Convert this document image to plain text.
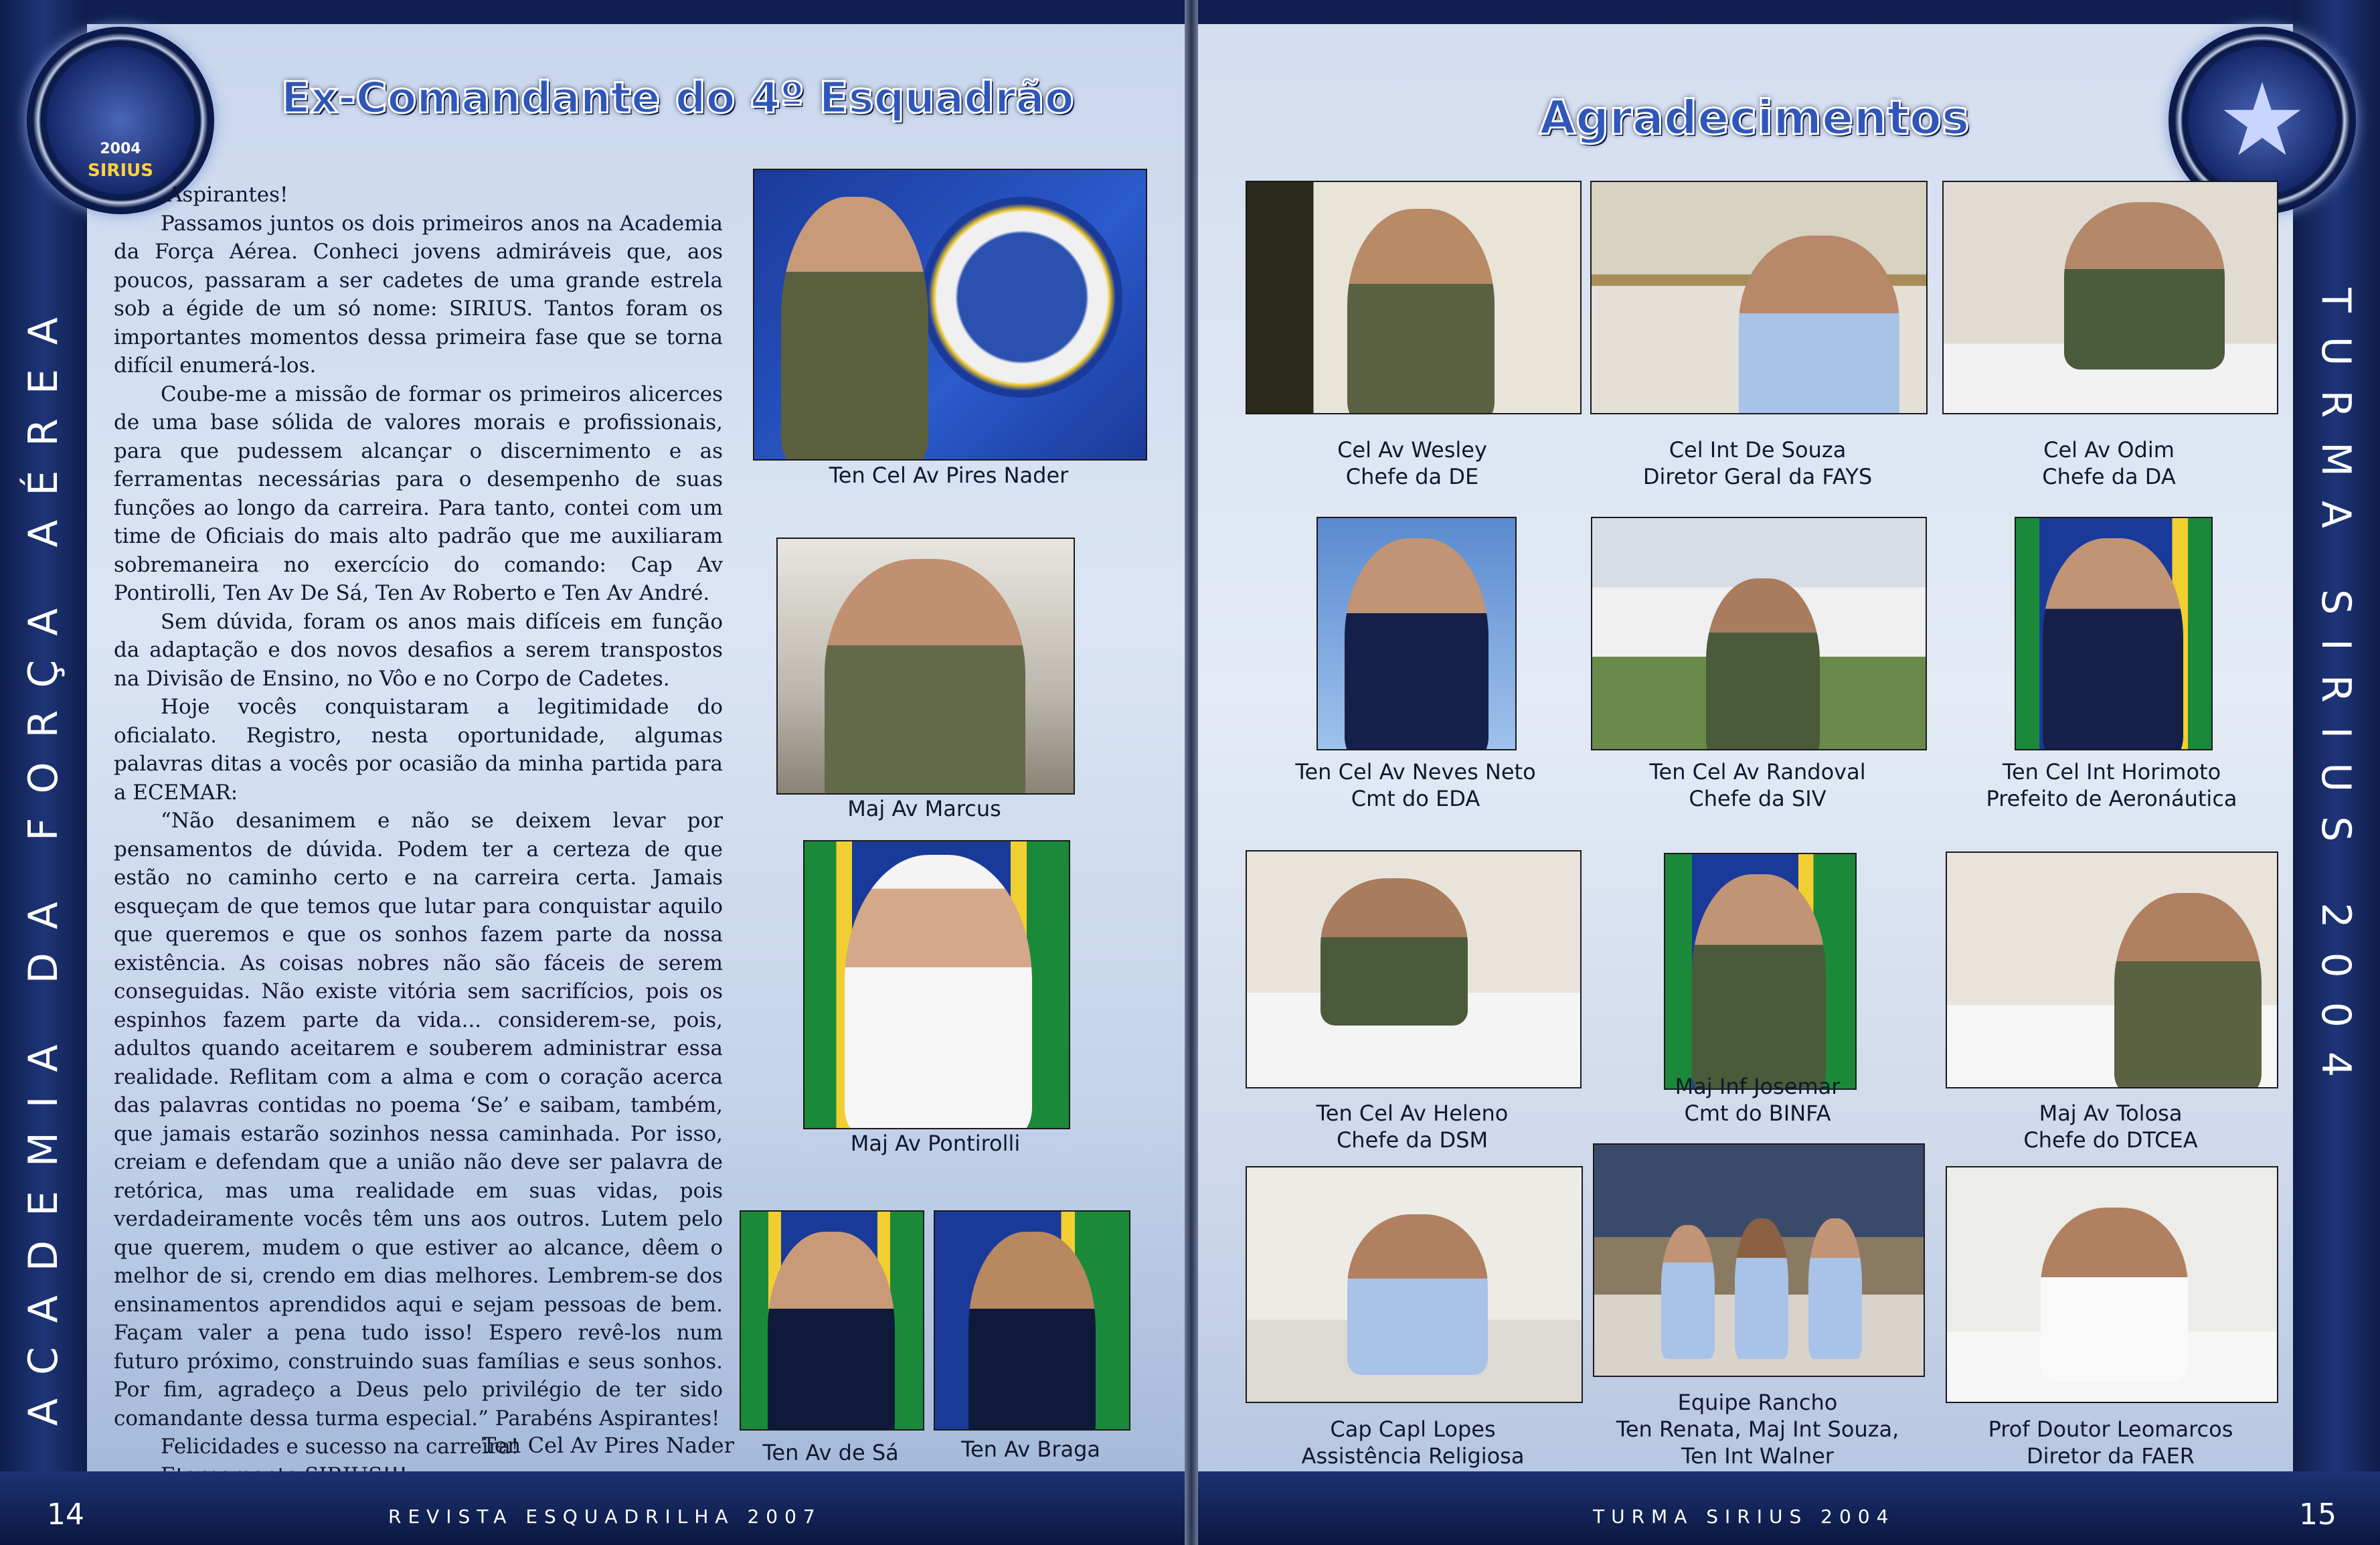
ACADEMIA DA FORÇA AÉREA
SIRIUS
2004
Ex-Comandante do 4º Esquadrão

Aspirantes!

Passamos juntos os dois primeiros anos na Academia da Força Aérea. Conheci jovens admiráveis que, aos poucos, passaram a ser cadetes de uma grande estrela sob a égide de um só nome: SIRIUS. Tantos foram os importantes momentos dessa primeira fase que se torna difícil enumerá-los.

Coube-me a missão de formar os primeiros alicerces de uma base sólida de valores morais e profissionais, para que pudessem alcançar o discernimento e as ferramentas necessárias para o desempenho de suas funções ao longo da carreira. Para tanto, contei com um time de Oficiais do mais alto padrão que me auxiliaram sobremaneira no exercício do comando: Cap Av Pontirolli, Ten Av De Sá, Ten Av Roberto e Ten Av André.

Sem dúvida, foram os anos mais difíceis em função da adaptação e dos novos desafios a serem transpostos na Divisão de Ensino, no Vôo e no Corpo de Cadetes.

Hoje vocês conquistaram a legitimidade do oficialato. Registro, nesta oportunidade, algumas palavras ditas a vocês por ocasião da minha partida para a ECEMAR:

“Não desanimem e não se deixem levar por pensamentos de dúvida. Podem ter a certeza de que estão no caminho certo e na carreira certa. Jamais esqueçam de que temos que lutar para conquistar aquilo que queremos e que os sonhos fazem parte da nossa existência. As coisas nobres não são fáceis de serem conseguidas. Não existe vitória sem sacrifícios, pois os espinhos fazem parte da vida... considerem-se, pois, adultos quando aceitarem e souberem administrar essa realidade. Reflitam com a alma e com o coração acerca das palavras contidas no poema ‘Se’ e saibam, também, que jamais estarão sozinhos nessa caminhada. Por isso, creiam e defendam que a união não deve ser palavra de retórica, mas uma realidade em suas vidas, pois verdadeiramente vocês têm uns aos outros. Lutem pelo que querem, mudem o que estiver ao alcance, dêem o melhor de si, crendo em dias melhores. Lembrem-se dos ensinamentos aprendidos aqui e sejam pessoas de bem. Façam valer a pena tudo isso! Espero revê-los num futuro próximo, construindo suas famílias e seus sonhos. Por fim, agradeço a Deus pelo privilégio de ter sido comandante dessa turma especial.” Parabéns Aspirantes!

Felicidades e sucesso na carreira!

Ten Cel Av Pires Nader
Ten Cel Av Pires Nader
Maj Av Marcus
Maj Av Pontirolli
Ten Av de Sá	Ten Av Braga
14	REVISTA ESQUADRILHA 2007
TURMA SIRIUS 2004
★
Agradecimentos
Cel Av Wesley
Chefe da DE
Cel Int De Souza
Diretor Geral da FAYS
Cel Av Odim
Chefe da DA
Ten Cel Av Neves Neto
Cmt do EDA
Ten Cel Av Randoval
Chefe da SIV
Ten Cel Int Horimoto
Prefeito de Aeronáutica
Ten Cel Av Heleno
Chefe da DSM
Maj Inf Josemar
Cmt do BINFA	Maj Av Tolosa
Chefe do DTCEA
Cap Capl Lopes
Assistência Religiosa
Equipe Rancho
Ten Renata, Maj Int Souza,
Ten Int Walner
Prof Doutor Leomarcos
Diretor da FAER
TURMA SIRIUS 2004	15
